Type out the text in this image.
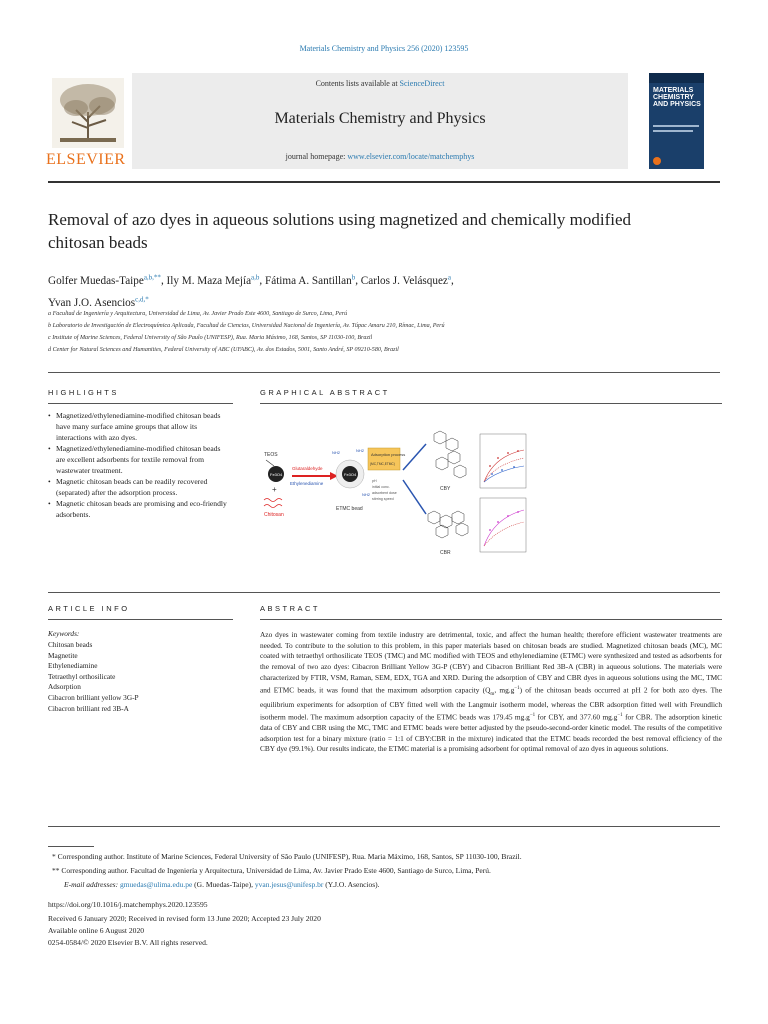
Materials Chemistry and Physics 256 (2020) 123595
Contents lists available at ScienceDirect
Materials Chemistry and Physics
journal homepage: www.elsevier.com/locate/matchemphys
ELSEVIER
MATERIALS CHEMISTRY AND PHYSICS
Removal of azo dyes in aqueous solutions using magnetized and chemically modified chitosan beads
Golfer Muedas-Taipe$^{a,b,**}$, Ily M. Maza Mejía$^{a,b}$, Fátima A. Santillan$^b$, Carlos J. Velásquez$^a$,
Yvan J.O. Asencios$^{c,d,*}$
a Facultad de Ingeniería y Arquitectura, Universidad de Lima, Av. Javier Prado Este 4600, Santiago de Surco, Lima, Perú
b Laboratorio de Investigación de Electroquímica Aplicada, Facultad de Ciencias, Universidad Nacional de Ingeniería, Av. Túpac Amaru 210, Rímac, Lima, Perú
c Institute of Marine Sciences, Federal University of São Paulo (UNIFESP), Rua. Maria Máximo, 168, Santos, SP 11030-100, Brazil
d Center for Natural Sciences and Humanities, Federal University of ABC (UFABC), Av. dos Estados, 5001, Santo André, SP 09210-580, Brazil
HIGHLIGHTS
• Magnetized/ethylenediamine-modified chitosan beads have many surface amine groups that allow its interactions with azo dyes.
• Magnetized/ethylenediamine-modified chitosan beads are excellent adsorbents for textile removal from wastewater treatment.
• Magnetic chitosan beads can be readily recovered (separated) after the adsorption process.
• Magnetic chitosan beads are promising and eco-friendly adsorbents.
GRAPHICAL ABSTRACT
TEOS
Fe3O4
+
Chitosan
Glutaraldehyde
Ethylenediamine
Fe3O4
NH2	NH2
NH2
ETMC bead
Adsorption process
(MC,TMC,ETMC)
pH
initial conc.
adsorbent dose
stirring speed
CBY
CBR
ARTICLE INFO
Keywords:
Chitosan beads
Magnetite
Ethylenediamine
Tetraethyl orthosilicate
Adsorption
Cibacron brilliant yellow 3G-P
Cibacron brilliant red 3B-A
ABSTRACT
Azo dyes in wastewater coming from textile industry are detrimental, toxic, and affect the human health; therefore efficient wastewater treatments are needed. To contribute to the solution to this problem, in this paper materials based on chitosan beads are studied. Magnetized chitosan beads (MC), MC coated with tetraethyl orthosilicate TEOS (TMC) and MC modified with TEOS and ethylenediamine (ETMC) were synthesized and tested as adsorbents for the removal of two azo dyes: Cibacron Brilliant Yellow 3G-P (CBY) and Cibacron Brilliant Red 3B-A (CBR) in aqueous solutions. The materials were characterized by FTIR, VSM, Raman, SEM, EDX, TGA and XRD. During the adsorption of CBY and CBR dyes in aqueous solutions using the MC, TMC and ETMC beads, it was found that the maximum adsorption capacity ($Q_m$, $mg.g^{-1}$) of the chitosan beads occurred at pH 2 for both azo dyes. The equilibrium experiments for adsorption of CBY fitted well with the Langmuir isotherm model, whereas the CBR adsorption fitted well with Freundlich isotherm model. The maximum adsorption capacity of the ETMC beads was 179.45 $mg.g^{-1}$ for CBY, and 377.60 $mg.g^{-1}$ for CBR. The adsorption kinetic data of CBY and CBR using the MC, TMC and ETMC beads were better adjusted by the pseudo-second-order kinetic model. The results of the competitive adsorption test for a binary mixture (ratio = 1:1 of CBY:CBR in the mixture) indicated that the ETMC beads recorded the best removal efficiency of the CBY dye (99.1%). Our results indicate, the ETMC material is a promising adsorbent for optimal removal of azo dyes in aqueous solutions.
* Corresponding author. Institute of Marine Sciences, Federal University of São Paulo (UNIFESP), Rua. Maria Máximo, 168, Santos, SP 11030-100, Brazil.
** Corresponding author. Facultad de Ingeniería y Arquitectura, Universidad de Lima, Av. Javier Prado Este 4600, Santiago de Surco, Lima, Perú.
E-mail addresses: gmuedas@ulima.edu.pe (G. Muedas-Taipe), yvan.jesus@unifesp.br (Y.J.O. Asencios).
https://doi.org/10.1016/j.matchemphys.2020.123595
Received 6 January 2020; Received in revised form 13 June 2020; Accepted 23 July 2020
Available online 6 August 2020
0254-0584/© 2020 Elsevier B.V. All rights reserved.
